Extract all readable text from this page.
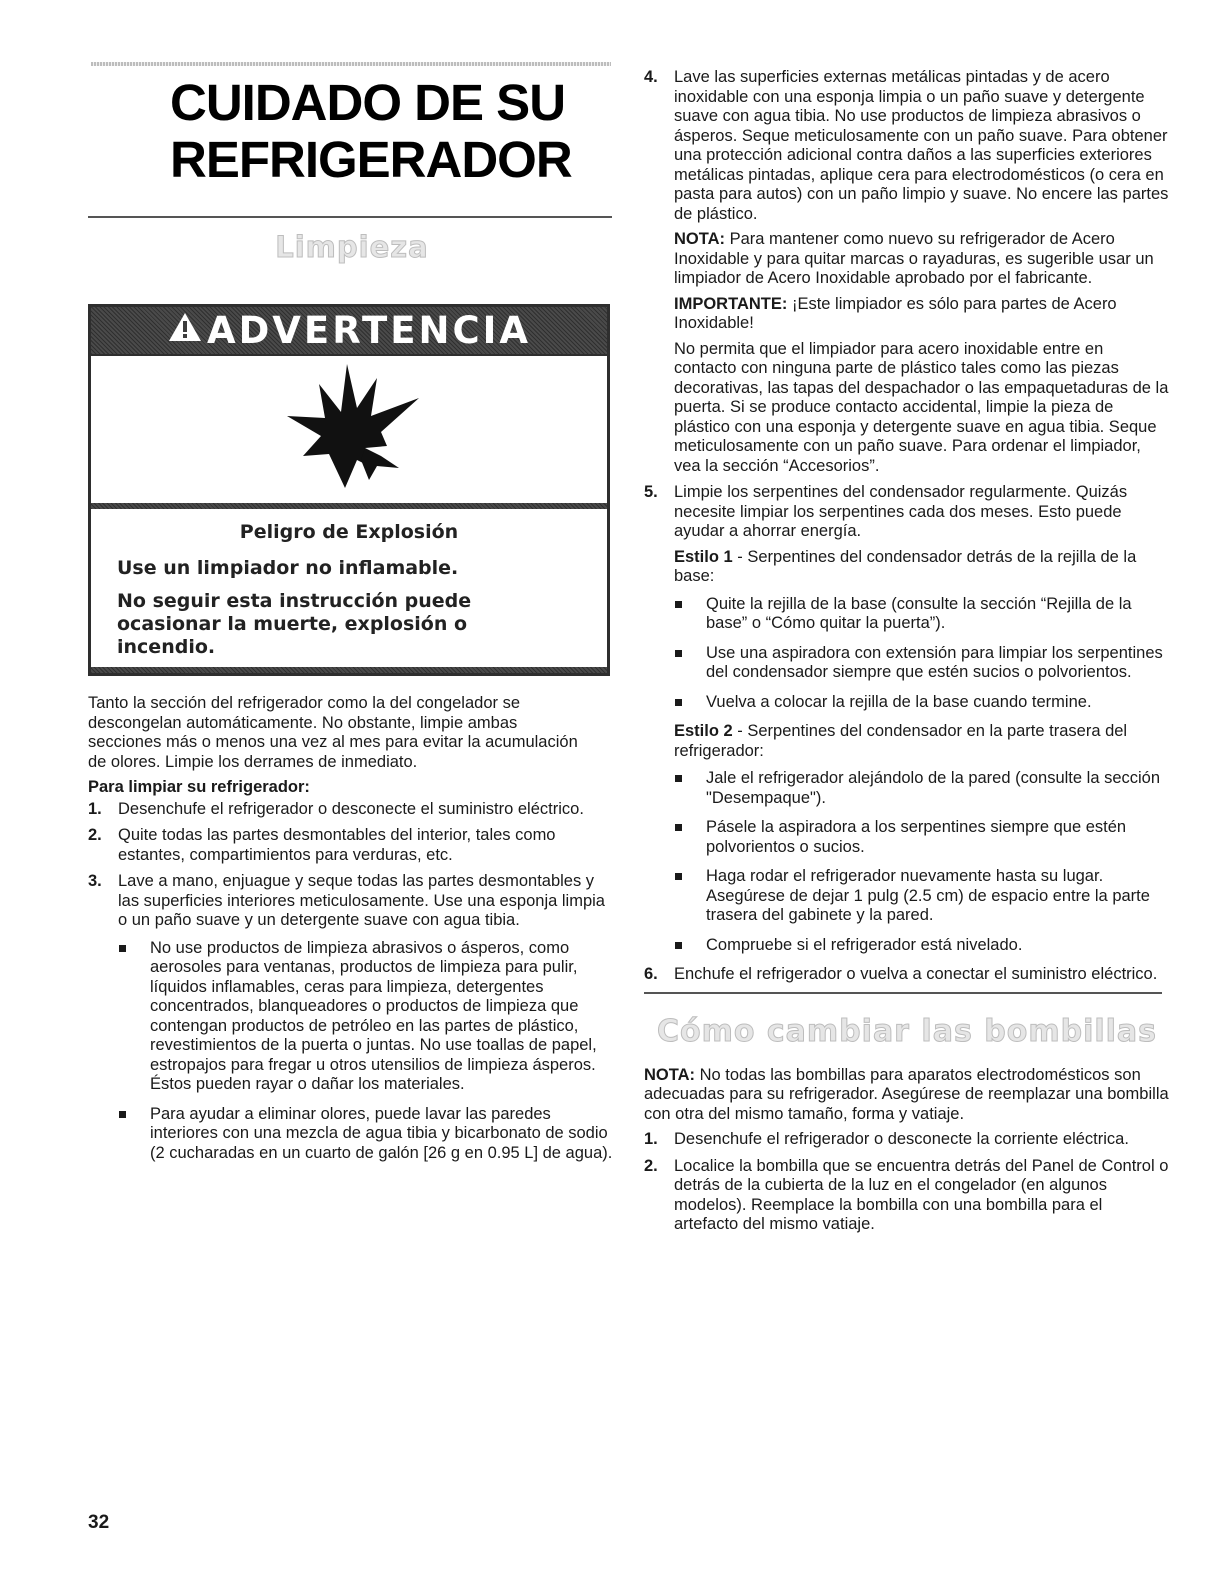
CUIDADO DE SU
REFRIGERADOR
Limpieza
ADVERTENCIA
Peligro de Explosión
Use un limpiador no inflamable.
No seguir esta instrucción puede ocasionar la muerte, explosión o incendio.

Tanto la sección del refrigerador como la del congelador se descongelan automáticamente. No obstante, limpie ambas secciones más o menos una vez al mes para evitar la acumulación de olores. Limpie los derrames de inmediato.

Para limpiar su refrigerador:

1. Desenchufe el refrigerador o desconecte el suministro eléctrico.
2. Quite todas las partes desmontables del interior, tales como estantes, compartimientos para verduras, etc.
3. Lave a mano, enjuague y seque todas las partes desmontables y las superficies interiores meticulosamente. Use una esponja limpia o un paño suave y un detergente suave con agua tibia.
No use productos de limpieza abrasivos o ásperos, como aerosoles para ventanas, productos de limpieza para pulir, líquidos inflamables, ceras para limpieza, detergentes concentrados, blanqueadores o productos de limpieza que contengan productos de petróleo en las partes de plástico, revestimientos de la puerta o juntas. No use toallas de papel, estropajos para fregar u otros utensilios de limpieza ásperos. Éstos pueden rayar o dañar los materiales.
Para ayudar a eliminar olores, puede lavar las paredes interiores con una mezcla de agua tibia y bicarbonato de sodio (2 cucharadas en un cuarto de galón [26 g en 0.95 L] de agua).
4. Lave las superficies externas metálicas pintadas y de acero inoxidable con una esponja limpia o un paño suave y detergente suave con agua tibia. No use productos de limpieza abrasivos o ásperos. Seque meticulosamente con un paño suave. Para obtener una protección adicional contra daños a las superficies exteriores metálicas pintadas, aplique cera para electrodomésticos (o cera en pasta para autos) con un paño limpio y suave. No encere las partes de plástico.

NOTA: Para mantener como nuevo su refrigerador de Acero Inoxidable y para quitar marcas o rayaduras, es sugerible usar un limpiador de Acero Inoxidable aprobado por el fabricante.

IMPORTANTE: ¡Este limpiador es sólo para partes de Acero Inoxidable!

No permita que el limpiador para acero inoxidable entre en contacto con ninguna parte de plástico tales como las piezas decorativas, las tapas del despachador o las empaquetaduras de la puerta. Si se produce contacto accidental, limpie la pieza de plástico con una esponja y detergente suave en agua tibia. Seque meticulosamente con un paño suave. Para ordenar el limpiador, vea la sección “Accesorios”.

5. Limpie los serpentines del condensador regularmente. Quizás necesite limpiar los serpentines cada dos meses. Esto puede ayudar a ahorrar energía.

Estilo 1 - Serpentines del condensador detrás de la rejilla de la base:

Quite la rejilla de la base (consulte la sección “Rejilla de la base” o “Cómo quitar la puerta”).
Use una aspiradora con extensión para limpiar los serpentines del condensador siempre que estén sucios o polvorientos.
Vuelva a colocar la rejilla de la base cuando termine.

Estilo 2 - Serpentines del condensador en la parte trasera del refrigerador:

Jale el refrigerador alejándolo de la pared (consulte la sección "Desempaque").
Pásele la aspiradora a los serpentines siempre que estén polvorientos o sucios.
Haga rodar el refrigerador nuevamente hasta su lugar. Asegúrese de dejar 1 pulg (2.5 cm) de espacio entre la parte trasera del gabinete y la pared.
Compruebe si el refrigerador está nivelado.
6. Enchufe el refrigerador o vuelva a conectar el suministro eléctrico.
Cómo cambiar las bombillas

NOTA: No todas las bombillas para aparatos electrodomésticos son adecuadas para su refrigerador. Asegúrese de reemplazar una bombilla con otra del mismo tamaño, forma y vatiaje.

1. Desenchufe el refrigerador o desconecte la corriente eléctrica.
2. Localice la bombilla que se encuentra detrás del Panel de Control o detrás de la cubierta de la luz en el congelador (en algunos modelos). Reemplace la bombilla con una bombilla para el artefacto del mismo vatiaje.
32
